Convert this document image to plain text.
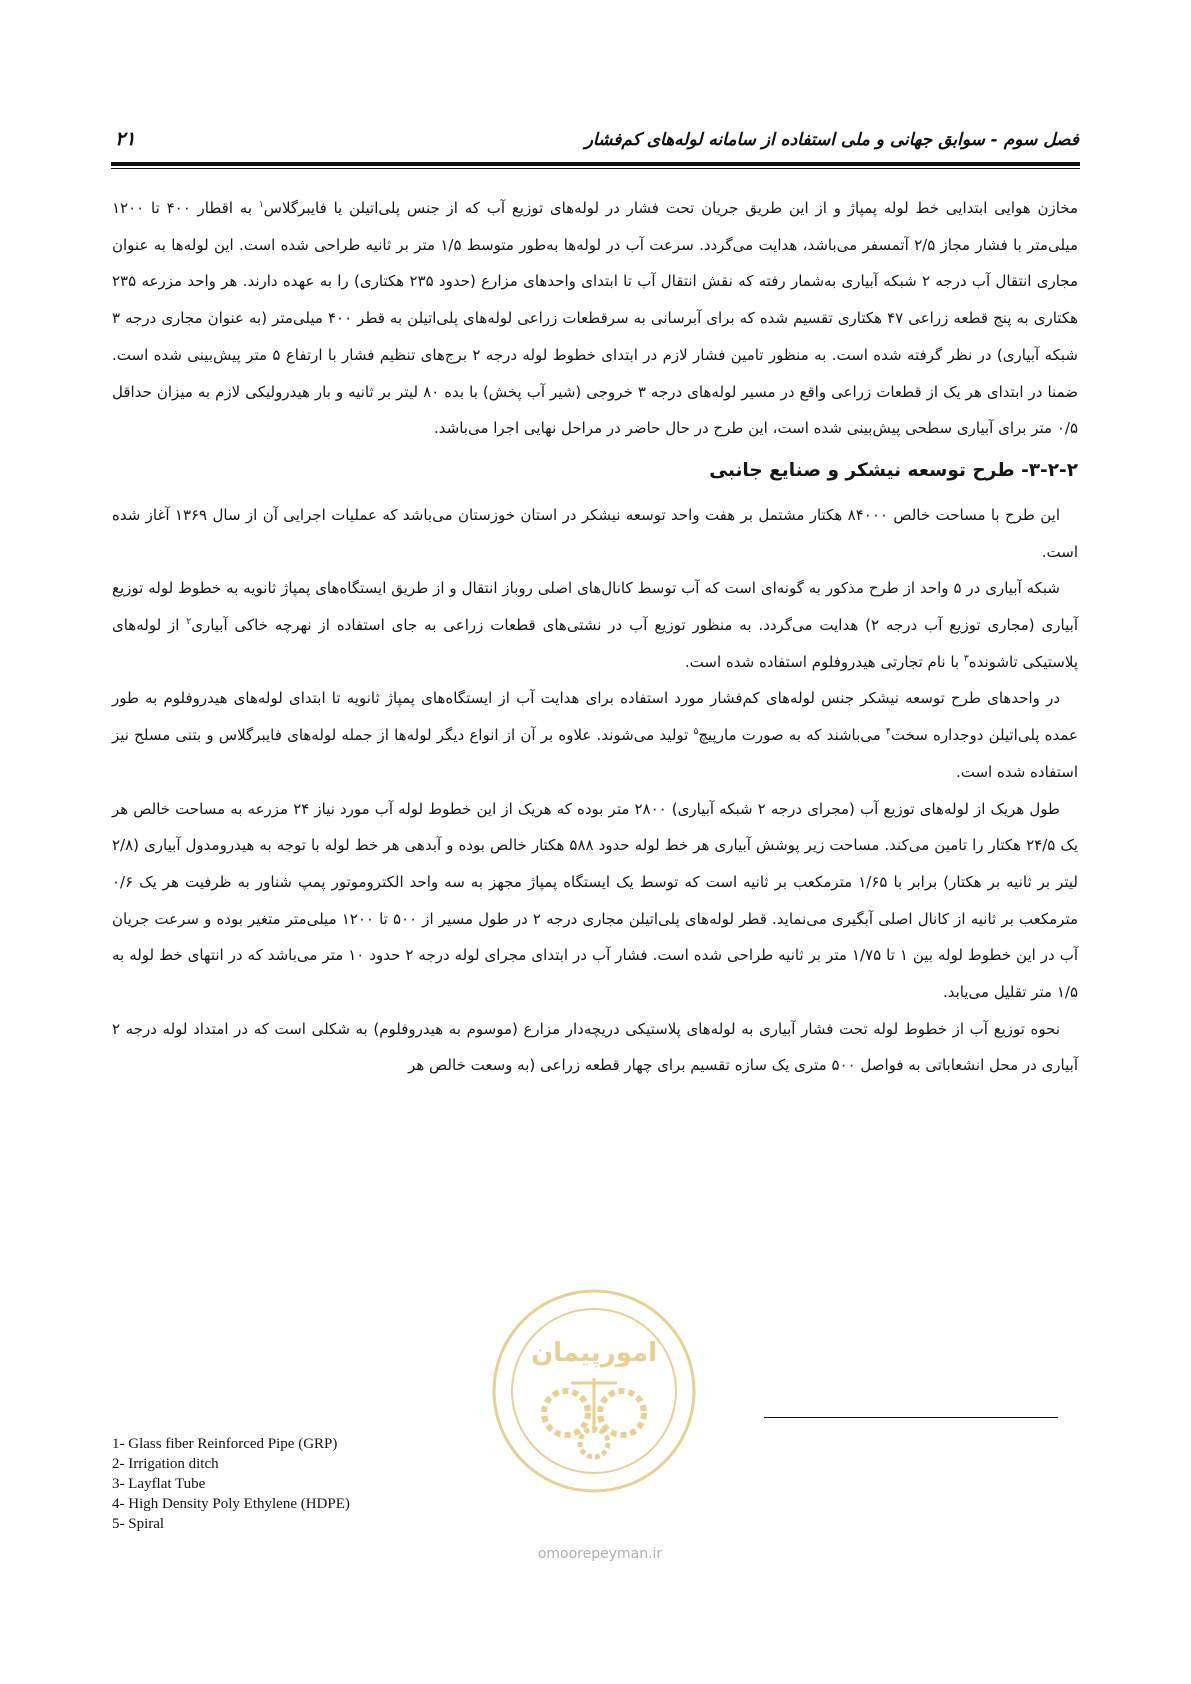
فصل سوم - سوابق جهانی و ملی استفاده از سامانه لوله‌های کم‌فشار
۲۱

مخازن هوایی ابتدایی خط لوله پمپاژ و از این طریق جریان تحت فشار در لوله‌های توزیع آب که از جنس پلی‌اتیلن یا فایبرگلاس$^۱$ به اقطار ۴۰۰ تا ۱۲۰۰ میلی‌متر با فشار مجاز ۲/۵ آتمسفر می‌باشد، هدایت می‌گردد. سرعت آب در لوله‌ها به‌طور متوسط ۱/۵ متر بر ثانیه طراحی شده است. این لوله‌ها به عنوان مجاری انتقال آب درجه ۲ شبکه آبیاری به‌شمار رفته که نقش انتقال آب تا ابتدای واحدهای مزارع (حدود ۲۳۵ هکتاری) را به عهده دارند. هر واحد مزرعه ۲۳۵ هکتاری به پنج قطعه زراعی ۴۷ هکتاری تقسیم شده که برای آبرسانی به سرقطعات زراعی لوله‌های پلی‌اتیلن به قطر ۴۰۰ میلی‌متر (به عنوان مجاری درجه ۳ شبکه آبیاری) در نظر گرفته شده است. به منظور تامین فشار لازم در ابتدای خطوط لوله درجه ۲ برج‌های تنظیم فشار با ارتفاع ۵ متر پیش‌بینی شده است. ضمنا در ابتدای هر یک از قطعات زراعی واقع در مسیر لوله‌های درجه ۳ خروجی (شیر آب پخش) با بده ۸۰ لیتر بر ثانیه و بار هیدرولیکی لازم به میزان حداقل ۰/۵ متر برای آبیاری سطحی پیش‌بینی شده است، این طرح در حال حاضر در مراحل نهایی اجرا می‌باشد.

۳-۲-۲- طرح توسعه نیشکر و صنایع جانبی

این طرح با مساحت خالص ۸۴۰۰۰ هکتار مشتمل بر هفت واحد توسعه نیشکر در استان خوزستان می‌باشد که عملیات اجرایی آن از سال ۱۳۶۹ آغاز شده است.

شبکه آبیاری در ۵ واحد از طرح مذکور به گونه‌ای است که آب توسط کانال‌های اصلی روباز انتقال و از طریق ایستگاه‌های پمپاژ ثانویه به خطوط لوله توزیع آبیاری (مجاری توزیع آب درجه ۲) هدایت می‌گردد. به منظور توزیع آب در نشتی‌های قطعات زراعی به جای استفاده از نهرچه خاکی آبیاری$^۲$ از لوله‌های پلاستیکی تاشونده$^۳$ با نام تجارتی هیدروفلوم استفاده شده است.

در واحدهای طرح توسعه نیشکر جنس لوله‌های کم‌فشار مورد استفاده برای هدایت آب از ایستگاه‌های پمپاژ ثانویه تا ابتدای لوله‌های هیدروفلوم به طور عمده پلی‌اتیلن دوجداره سخت$^۴$ می‌باشند که به صورت مارپیچ$^۵$ تولید می‌شوند. علاوه بر آن از انواع دیگر لوله‌ها از جمله لوله‌های فایبرگلاس و بتنی مسلح نیز استفاده شده است.

طول هریک از لوله‌های توزیع آب (مجرای درجه ۲ شبکه آبیاری) ۲۸۰۰ متر بوده که هریک از این خطوط لوله آب مورد نیاز ۲۴ مزرعه به مساحت خالص هر یک ۲۴/۵ هکتار را تامین می‌کند. مساحت زیر پوشش آبیاری هر خط لوله حدود ۵۸۸ هکتار خالص بوده و آبدهی هر خط لوله با توجه به هیدرومدول آبیاری (۲/۸ لیتر بر ثانیه بر هکتار) برابر با ۱/۶۵ مترمکعب بر ثانیه است که توسط یک ایستگاه پمپاژ مجهز به سه واحد الکتروموتور پمپ شناور به ظرفیت هر یک ۰/۶ مترمکعب بر ثانیه از کانال اصلی آبگیری می‌نماید. قطر لوله‌های پلی‌اتیلن مجاری درجه ۲ در طول مسیر از ۵۰۰ تا ۱۲۰۰ میلی‌متر متغیر بوده و سرعت جریان آب در این خطوط لوله بین ۱ تا ۱/۷۵ متر بر ثانیه طراحی شده است. فشار آب در ابتدای مجرای لوله درجه ۲ حدود ۱۰ متر می‌باشد که در انتهای خط لوله به ۱/۵ متر تقلیل می‌یابد.

نحوه توزیع آب از خطوط لوله تحت فشار آبیاری به لوله‌های پلاستیکی دریچه‌دار مزارع (موسوم به هیدروفلوم) به شکلی است که در امتداد لوله درجه ۲ آبیاری در محل انشعاباتی به فواصل ۵۰۰ متری یک سازه تقسیم برای چهار قطعه زراعی (به وسعت خالص هر

1- Glass fiber Reinforced Pipe (GRP)
2- Irrigation ditch
3- Layflat Tube
4- High Density Poly Ethylene (HDPE)
5- Spiral
امورپیمان
omoorepeyman.ir
